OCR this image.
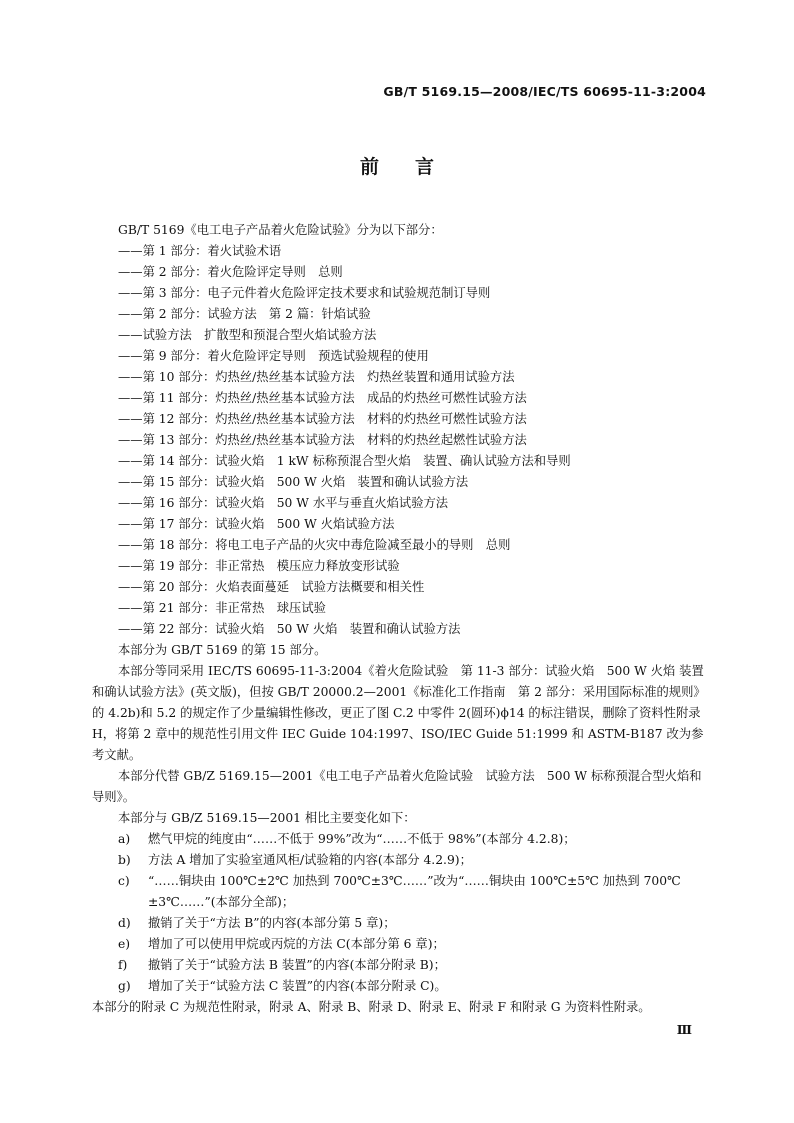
GB/T 5169.15—2008/IEC/TS 60695-11-3:2004
前言

GB/T 5169《电工电子产品着火危险试验》分为以下部分：

——第 1 部分：着火试验术语

——第 2 部分：着火危险评定导则　总则

——第 3 部分：电子元件着火危险评定技术要求和试验规范制订导则

——第 2 部分：试验方法　第 2 篇：针焰试验

——试验方法　扩散型和预混合型火焰试验方法

——第 9 部分：着火危险评定导则　预选试验规程的使用

——第 10 部分：灼热丝/热丝基本试验方法　灼热丝装置和通用试验方法

——第 11 部分：灼热丝/热丝基本试验方法　成品的灼热丝可燃性试验方法

——第 12 部分：灼热丝/热丝基本试验方法　材料的灼热丝可燃性试验方法

——第 13 部分：灼热丝/热丝基本试验方法　材料的灼热丝起燃性试验方法

——第 14 部分：试验火焰　1 kW 标称预混合型火焰　装置、确认试验方法和导则

——第 15 部分：试验火焰　500 W 火焰　装置和确认试验方法

——第 16 部分：试验火焰　50 W 水平与垂直火焰试验方法

——第 17 部分：试验火焰　500 W 火焰试验方法

——第 18 部分：将电工电子产品的火灾中毒危险减至最小的导则　总则

——第 19 部分：非正常热　模压应力释放变形试验

——第 20 部分：火焰表面蔓延　试验方法概要和相关性

——第 21 部分：非正常热　球压试验

——第 22 部分：试验火焰　50 W 火焰　装置和确认试验方法

本部分为 GB/T 5169 的第 15 部分。

本部分等同采用 IEC/TS 60695-11-3:2004《着火危险试验　第 11-3 部分：试验火焰　500 W 火焰 装置和确认试验方法》(英文版)，但按 GB/T 20000.2—2001《标准化工作指南　第 2 部分：采用国际标准的规则》的 4.2b)和 5.2 的规定作了少量编辑性修改，更正了图 C.2 中零件 2(圆环)ϕ14 的标注错误，删除了资料性附录 H，将第 2 章中的规范性引用文件 IEC Guide 104:1997、ISO/IEC Guide 51:1999 和 ASTM-B187 改为参考文献。

本部分代替 GB/Z 5169.15—2001《电工电子产品着火危险试验　试验方法　500 W 标称预混合型火焰和导则》。

本部分与 GB/Z 5169.15—2001 相比主要变化如下：

a) 燃气甲烷的纯度由“……不低于 99%”改为“……不低于 98%”(本部分 4.2.8)；

b) 方法 A 增加了实验室通风柜/试验箱的内容(本部分 4.2.9)；

c) “……铜块由 100℃±2℃ 加热到 700℃±3℃……”改为“……铜块由 100℃±5℃ 加热到 700℃±3℃……”(本部分全部)；

d) 撤销了关于“方法 B”的内容(本部分第 5 章)；

e) 增加了可以使用甲烷或丙烷的方法 C(本部分第 6 章)；

f) 撤销了关于“试验方法 B 装置”的内容(本部分附录 B)；

g) 增加了关于“试验方法 C 装置”的内容(本部分附录 C)。

本部分的附录 C 为规范性附录，附录 A、附录 B、附录 D、附录 E、附录 F 和附录 G 为资料性附录。

Ⅲ
